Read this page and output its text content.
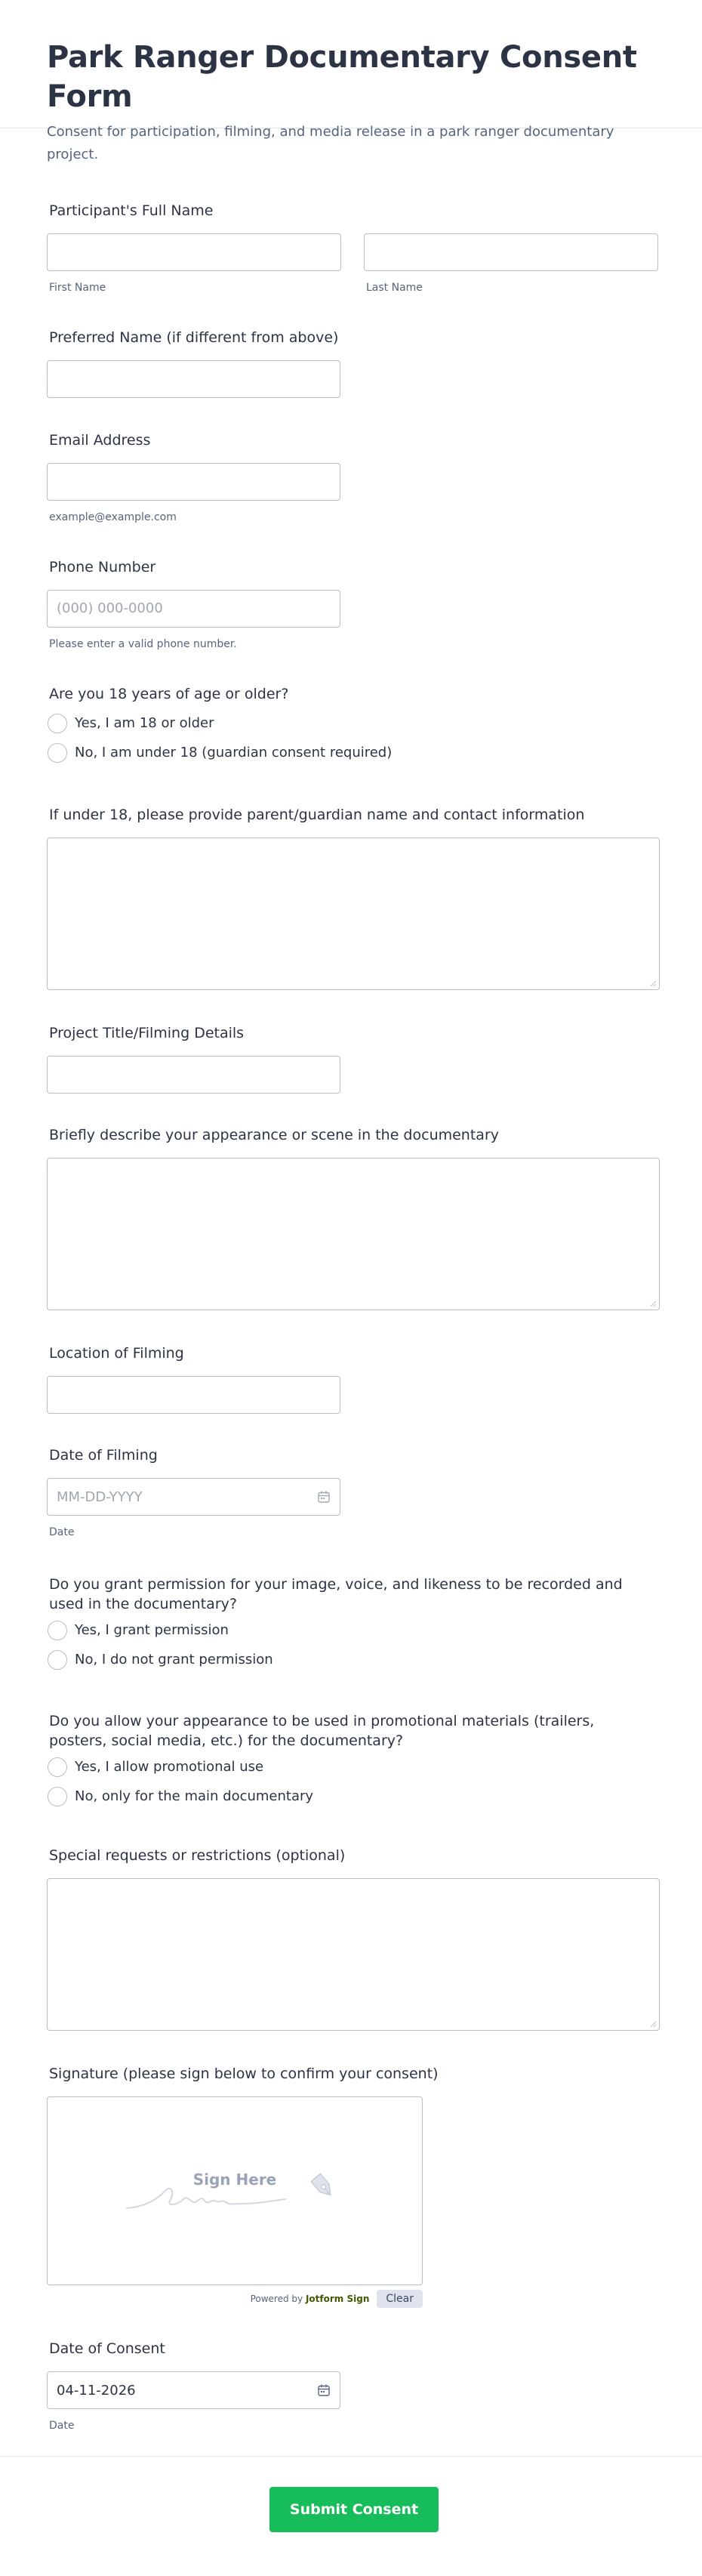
Park Ranger Documentary Consent Form
Consent for participation, filming, and media release in a park ranger documentary project.
Participant's Full Name
First Name	Last Name
Preferred Name (if different from above)
Email Address
example@example.com
Phone Number
(000) 000-0000
Please enter a valid phone number.
Are you 18 years of age or older?
Yes, I am 18 or older
No, I am under 18 (guardian consent required)
If under 18, please provide parent/guardian name and contact information
Project Title/Filming Details
Briefly describe your appearance or scene in the documentary
Location of Filming
Date of Filming
MM-DD-YYYY
Date
Do you grant permission for your image, voice, and likeness to be recorded and used in the documentary?
Yes, I grant permission
No, I do not grant permission
Do you allow your appearance to be used in promotional materials (trailers, posters, social media, etc.) for the documentary?
Yes, I allow promotional use
No, only for the main documentary
Special requests or restrictions (optional)
Signature (please sign below to confirm your consent)
Sign Here
Powered by Jotform Sign	Clear
Date of Consent
04-11-2026
Date
Submit Consent
